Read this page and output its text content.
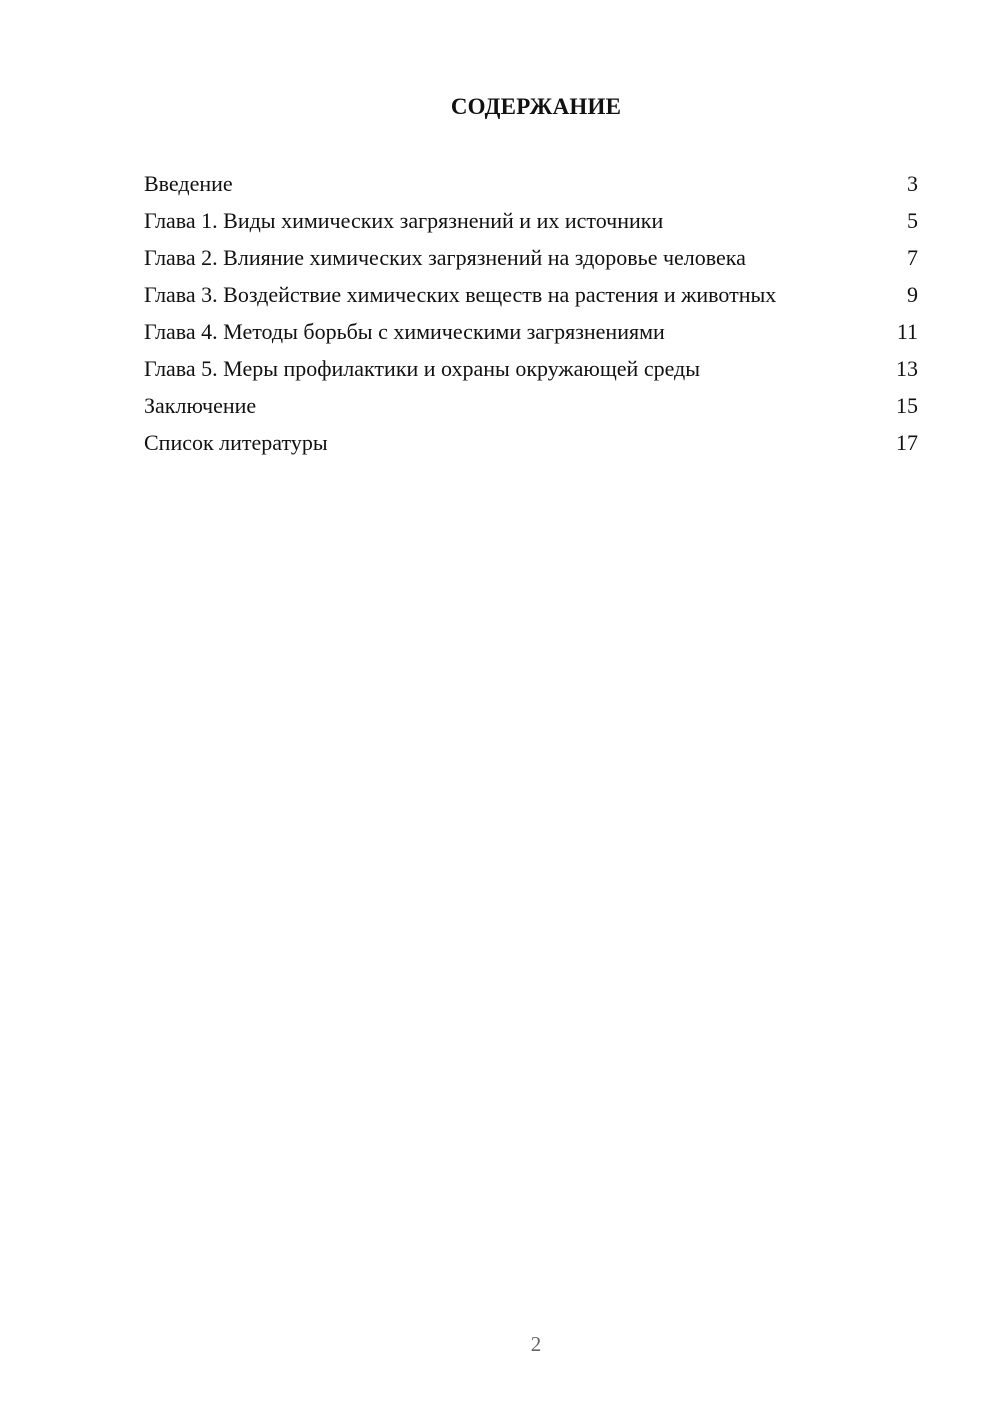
СОДЕРЖАНИЕ
Введение	3
Глава 1. Виды химических загрязнений и их источники	5
Глава 2. Влияние химических загрязнений на здоровье человека	7
Глава 3. Воздействие химических веществ на растения и животных	9
Глава 4. Методы борьбы с химическими загрязнениями	11
Глава 5. Меры профилактики и охраны окружающей среды	13
Заключение	15
Список литературы	17
2
